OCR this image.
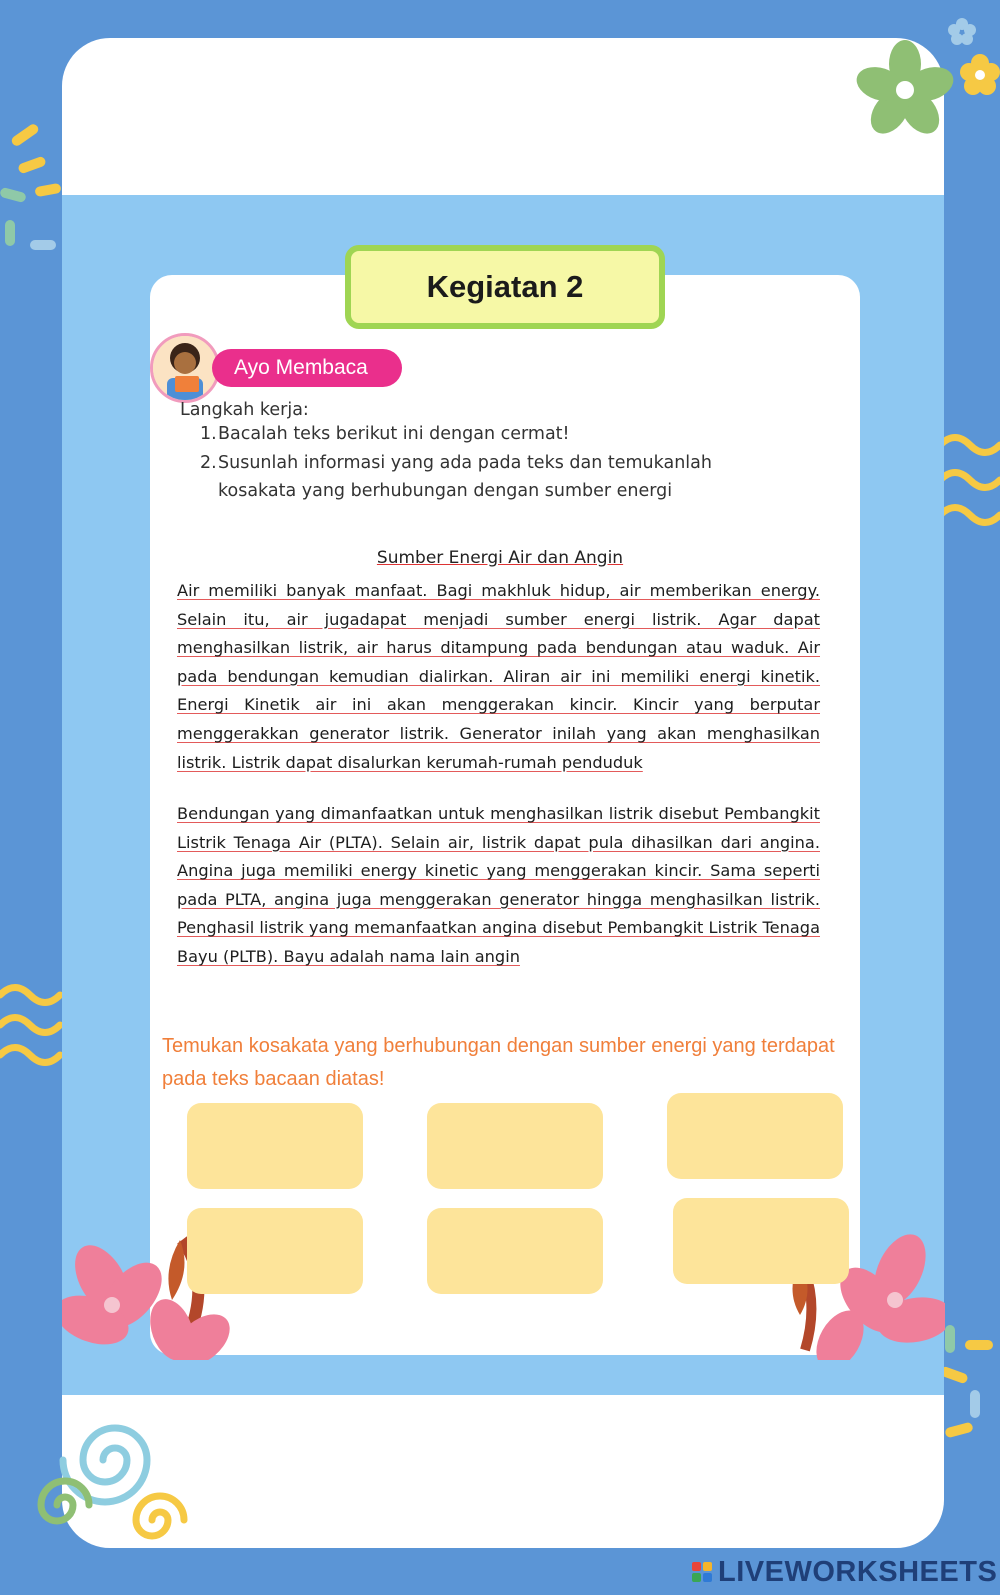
Kegiatan 2
Ayo Membaca
Langkah kerja:
1.Bacalah teks berikut ini dengan cermat!
2.Susunlah informasi yang ada pada teks dan temukanlah
kosakata yang berhubungan dengan sumber energi
Sumber Energi Air dan Angin
Air memiliki banyak manfaat. Bagi makhluk hidup, air memberikan energy. Selain itu, air jugadapat menjadi sumber energi listrik. Agar dapat menghasilkan listrik, air harus ditampung pada bendungan atau waduk. Air pada bendungan kemudian dialirkan. Aliran air ini memiliki energi kinetik. Energi Kinetik air ini akan menggerakan kincir. Kincir yang berputar menggerakkan generator listrik. Generator inilah yang akan menghasilkan listrik. Listrik dapat disalurkan kerumah-rumah penduduk
Bendungan yang dimanfaatkan untuk menghasilkan listrik disebut Pembangkit Listrik Tenaga Air (PLTA). Selain air, listrik dapat pula dihasilkan dari angina. Angina juga memiliki energy kinetic yang menggerakan kincir. Sama seperti pada PLTA, angina juga menggerakan generator hingga menghasilkan listrik. Penghasil listrik yang memanfaatkan angina disebut Pembangkit Listrik Tenaga Bayu (PLTB). Bayu adalah nama lain angin
Temukan kosakata yang berhubungan dengan sumber energi yang terdapat pada teks bacaan diatas!
LIVEWORKSHEETS
